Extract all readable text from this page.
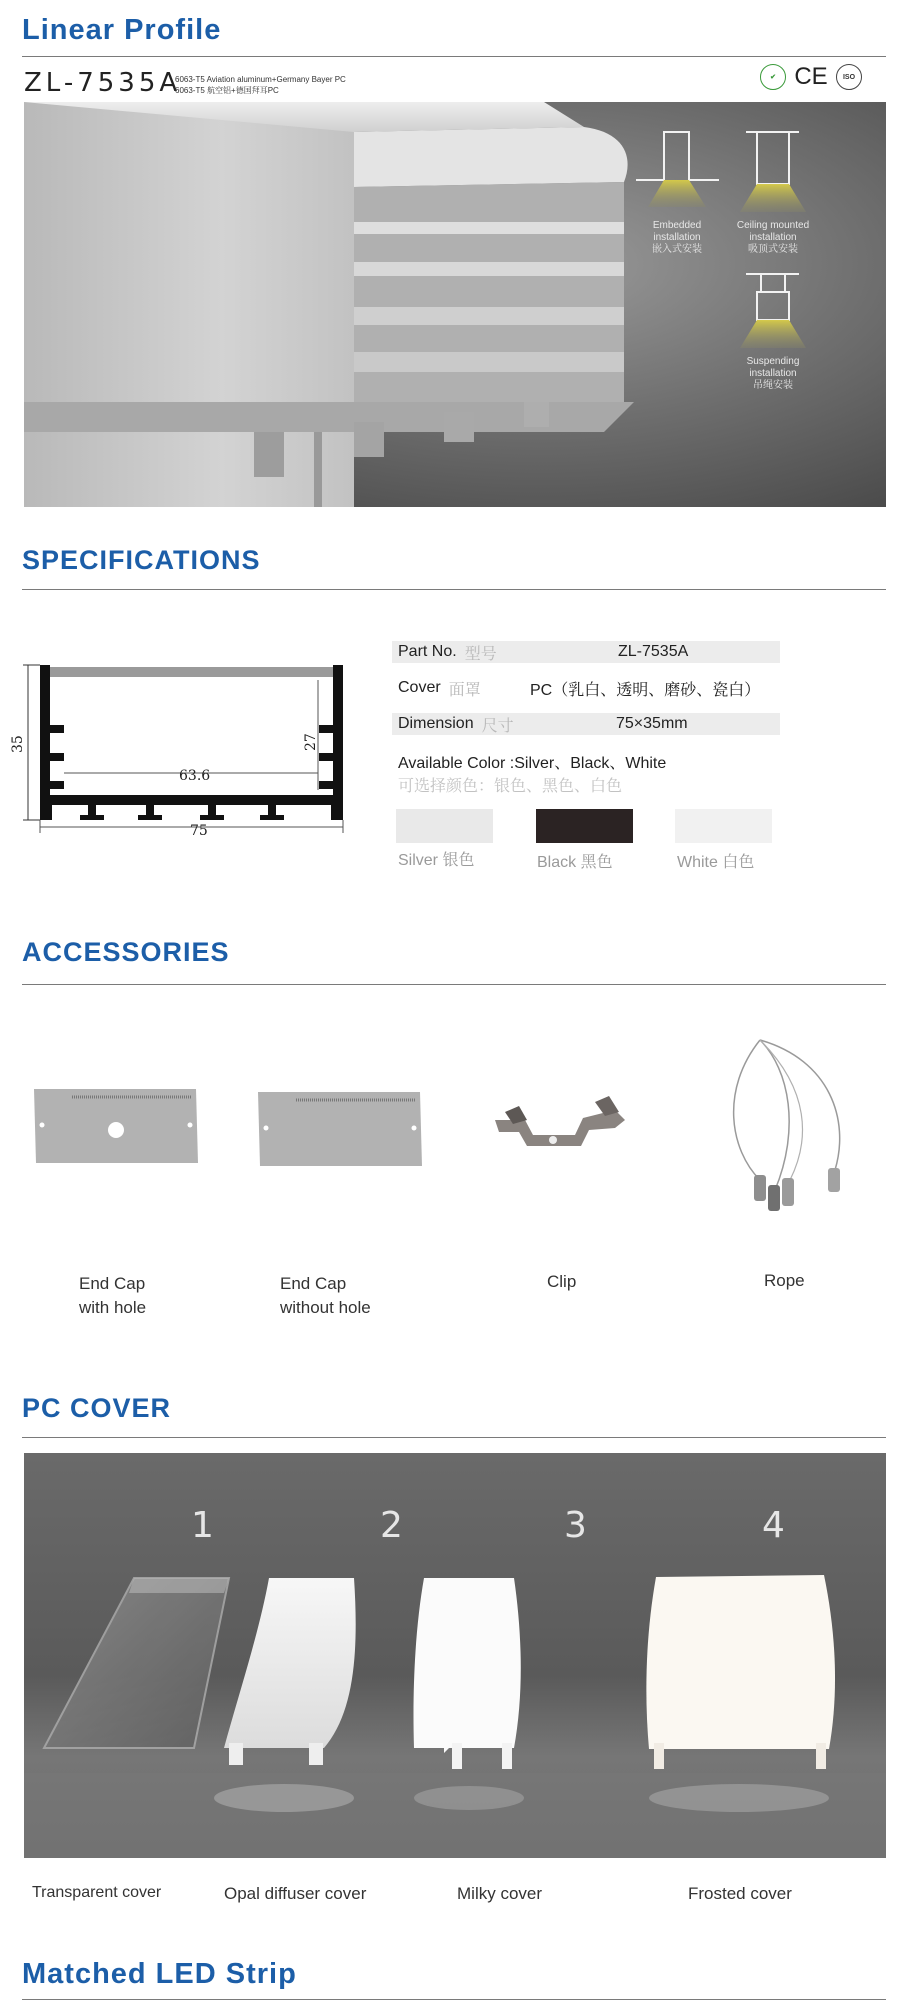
Linear Profile
ZL-7535A
6063-T5 Aviation aluminum+Germany Bayer PC
6063-T5 航空铝+德国拜耳PC
✔ CE	ISO
Embedded
installation
嵌入式安装
Ceiling mounted
installation
吸顶式安装
Suspending
installation
吊绳安装
SPECIFICATIONS
35	27
63.6
75
Part No. 型号	ZL-7535A
Cover 面罩	PC（乳白、透明、磨砂、瓷白）
Dimension 尺寸	75×35mm
Available Color :Silver、Black、White
可选择颜色：银色、黑色、白色
Silver 银色	Black 黑色	White 白色
ACCESSORIES
End Cap
with hole
End Cap
without hole
Clip	Rope
PC COVER
1	2	3	4
Transparent cover	Opal diffuser cover	Milky cover	Frosted cover
Matched LED Strip
